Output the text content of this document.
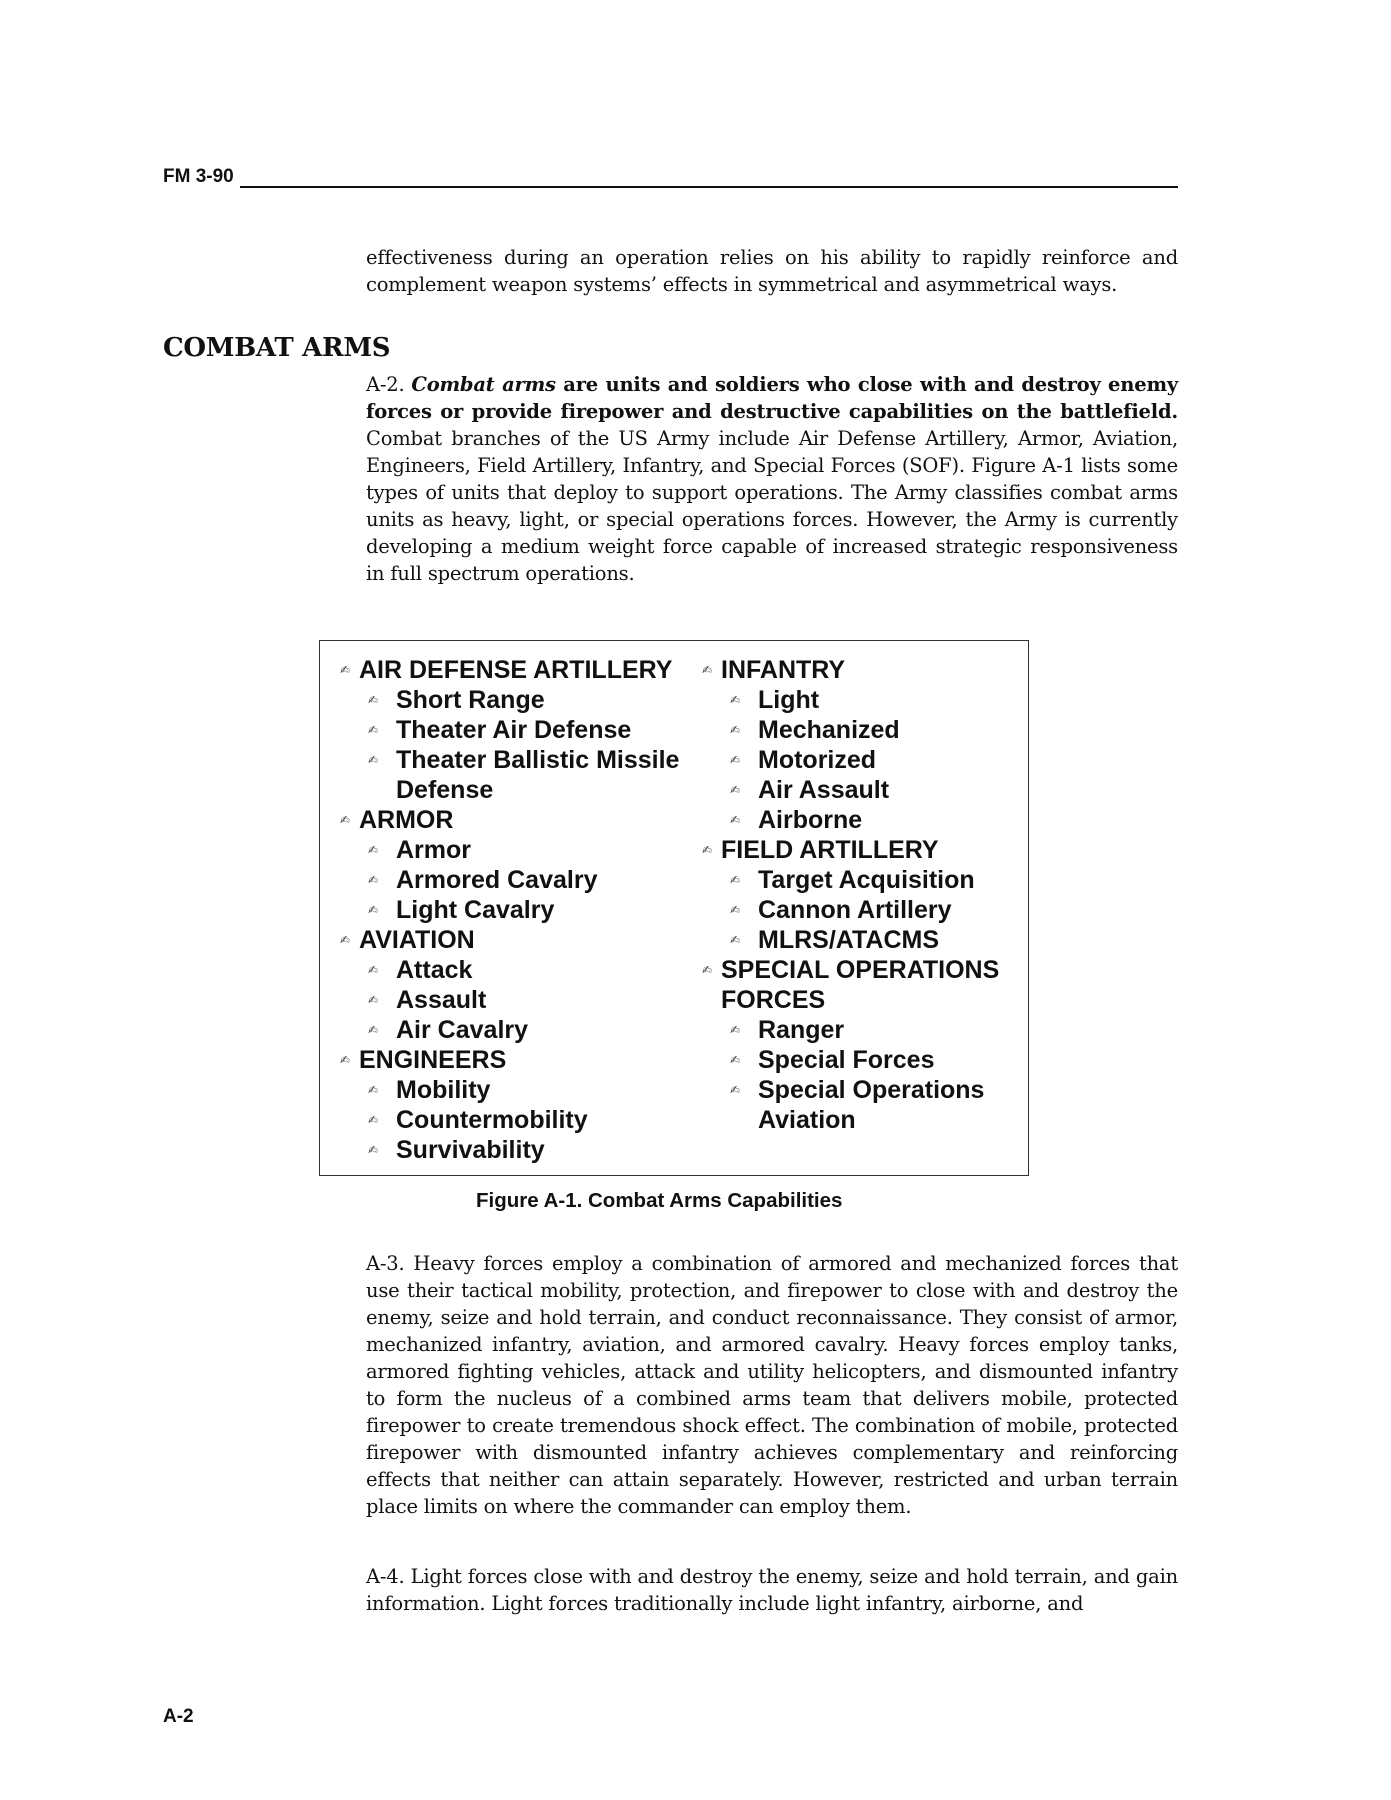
FM 3-90

effectiveness during an operation relies on his ability to rapidly reinforce and complement weapon systems’ effects in symmetrical and asymmetrical ways.

COMBAT ARMS

A-2. Combat arms are units and soldiers who close with and destroy enemy forces or provide firepower and destructive capabilities on the battlefield. Combat branches of the US Army include Air Defense Artillery, Armor, Aviation, Engineers, Field Artillery, Infantry, and Special Forces (SOF). Figure A-1 lists some types of units that deploy to support operations. The Army classifies combat arms units as heavy, light, or special operations forces. However, the Army is currently developing a medium weight force capable of increased strategic responsiveness in full spectrum operations.

✍ AIR DEFENSE ARTILLERY
✍ Short Range
✍ Theater Air Defense
✍ Theater Ballistic Missile
Defense
✍ ARMOR
✍ Armor
✍ Armored Cavalry
✍ Light Cavalry
✍ AVIATION
✍ Attack
✍ Assault
✍ Air Cavalry
✍ ENGINEERS
✍ Mobility
✍ Countermobility
✍ Survivability
✍ INFANTRY
✍ Light
✍ Mechanized
✍ Motorized
✍ Air Assault
✍ Airborne
✍ FIELD ARTILLERY
✍ Target Acquisition
✍ Cannon Artillery
✍ MLRS/ATACMS
✍ SPECIAL OPERATIONS
FORCES
✍ Ranger
✍ Special Forces
✍ Special Operations
Aviation
Figure A-1. Combat Arms Capabilities

A-3. Heavy forces employ a combination of armored and mechanized forces that use their tactical mobility, protection, and firepower to close with and destroy the enemy, seize and hold terrain, and conduct reconnaissance. They consist of armor, mechanized infantry, aviation, and armored cavalry. Heavy forces employ tanks, armored fighting vehicles, attack and utility helicopters, and dismounted infantry to form the nucleus of a combined arms team that delivers mobile, protected firepower to create tremendous shock effect. The combination of mobile, protected firepower with dismounted infantry achieves complementary and reinforcing effects that neither can attain separately. However, restricted and urban terrain place limits on where the commander can employ them.

A-4. Light forces close with and destroy the enemy, seize and hold terrain, and gain information. Light forces traditionally include light infantry, airborne, and

A-2
